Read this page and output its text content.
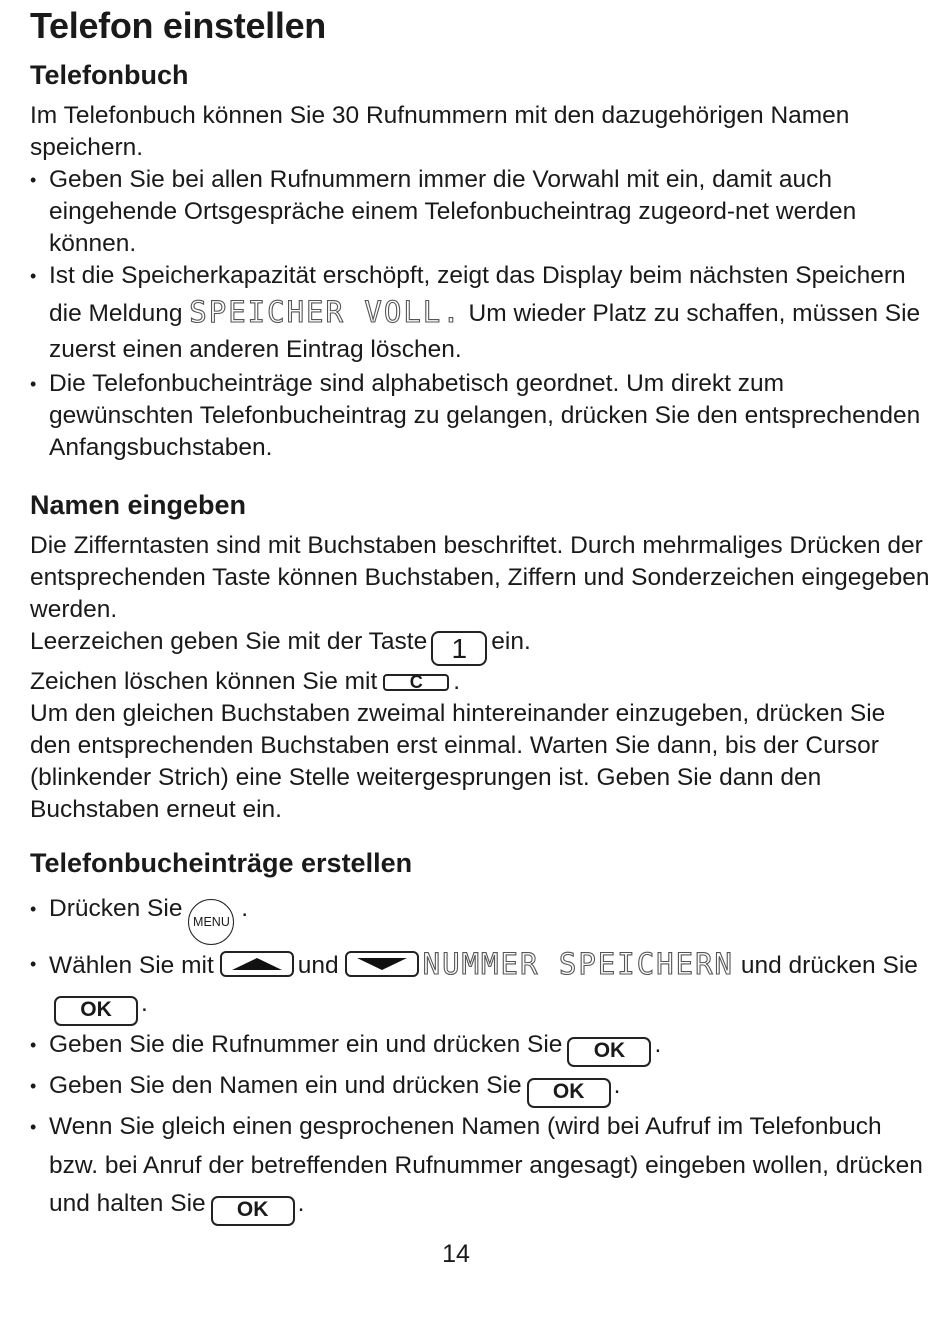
Telefon einstellen
Telefonbuch

Im Telefonbuch können Sie 30 Rufnummern mit den dazugehörigen Namen speichern.

• Geben Sie bei allen Rufnummern immer die Vorwahl mit ein, damit auch eingehende Ortsgespräche einem Telefonbucheintrag zugeord-net werden können.
• Ist die Speicherkapazität erschöpft, zeigt das Display beim nächsten Speichern die Meldung SPEICHER VOLL. Um wieder Platz zu schaffen, müssen Sie zuerst einen anderen Eintrag löschen.
• Die Telefonbucheinträge sind alphabetisch geordnet. Um direkt zum gewünschten Telefonbucheintrag zu gelangen, drücken Sie den entsprechenden Anfangsbuchstaben.
Namen eingeben

Die Zifferntasten sind mit Buchstaben beschriftet. Durch mehrmaliges Drücken der entsprechenden Taste können Buchstaben, Ziffern und Sonderzeichen eingegeben werden.

Leerzeichen geben Sie mit der Taste 1 ein.

Zeichen löschen können Sie mit C .

Um den gleichen Buchstaben zweimal hintereinander einzugeben, drücken Sie den entsprechenden Buchstaben erst einmal. Warten Sie dann, bis der Cursor (blinkender Strich) eine Stelle weitergesprungen ist. Geben Sie dann den Buchstaben erneut ein.

Telefonbucheinträge erstellen
• Drücken Sie MENU .
• Wählen Sie mit	und	NUMMER SPEICHERN und drücken SieOK .
• Geben Sie die Rufnummer ein und drücken Sie OK .
• Geben Sie den Namen ein und drücken Sie OK .
• Wenn Sie gleich einen gesprochenen Namen (wird bei Aufruf im Telefonbuch bzw. bei Anruf der betreffenden Rufnummer angesagt) eingeben wollen, drücken und halten Sie OK .
14
